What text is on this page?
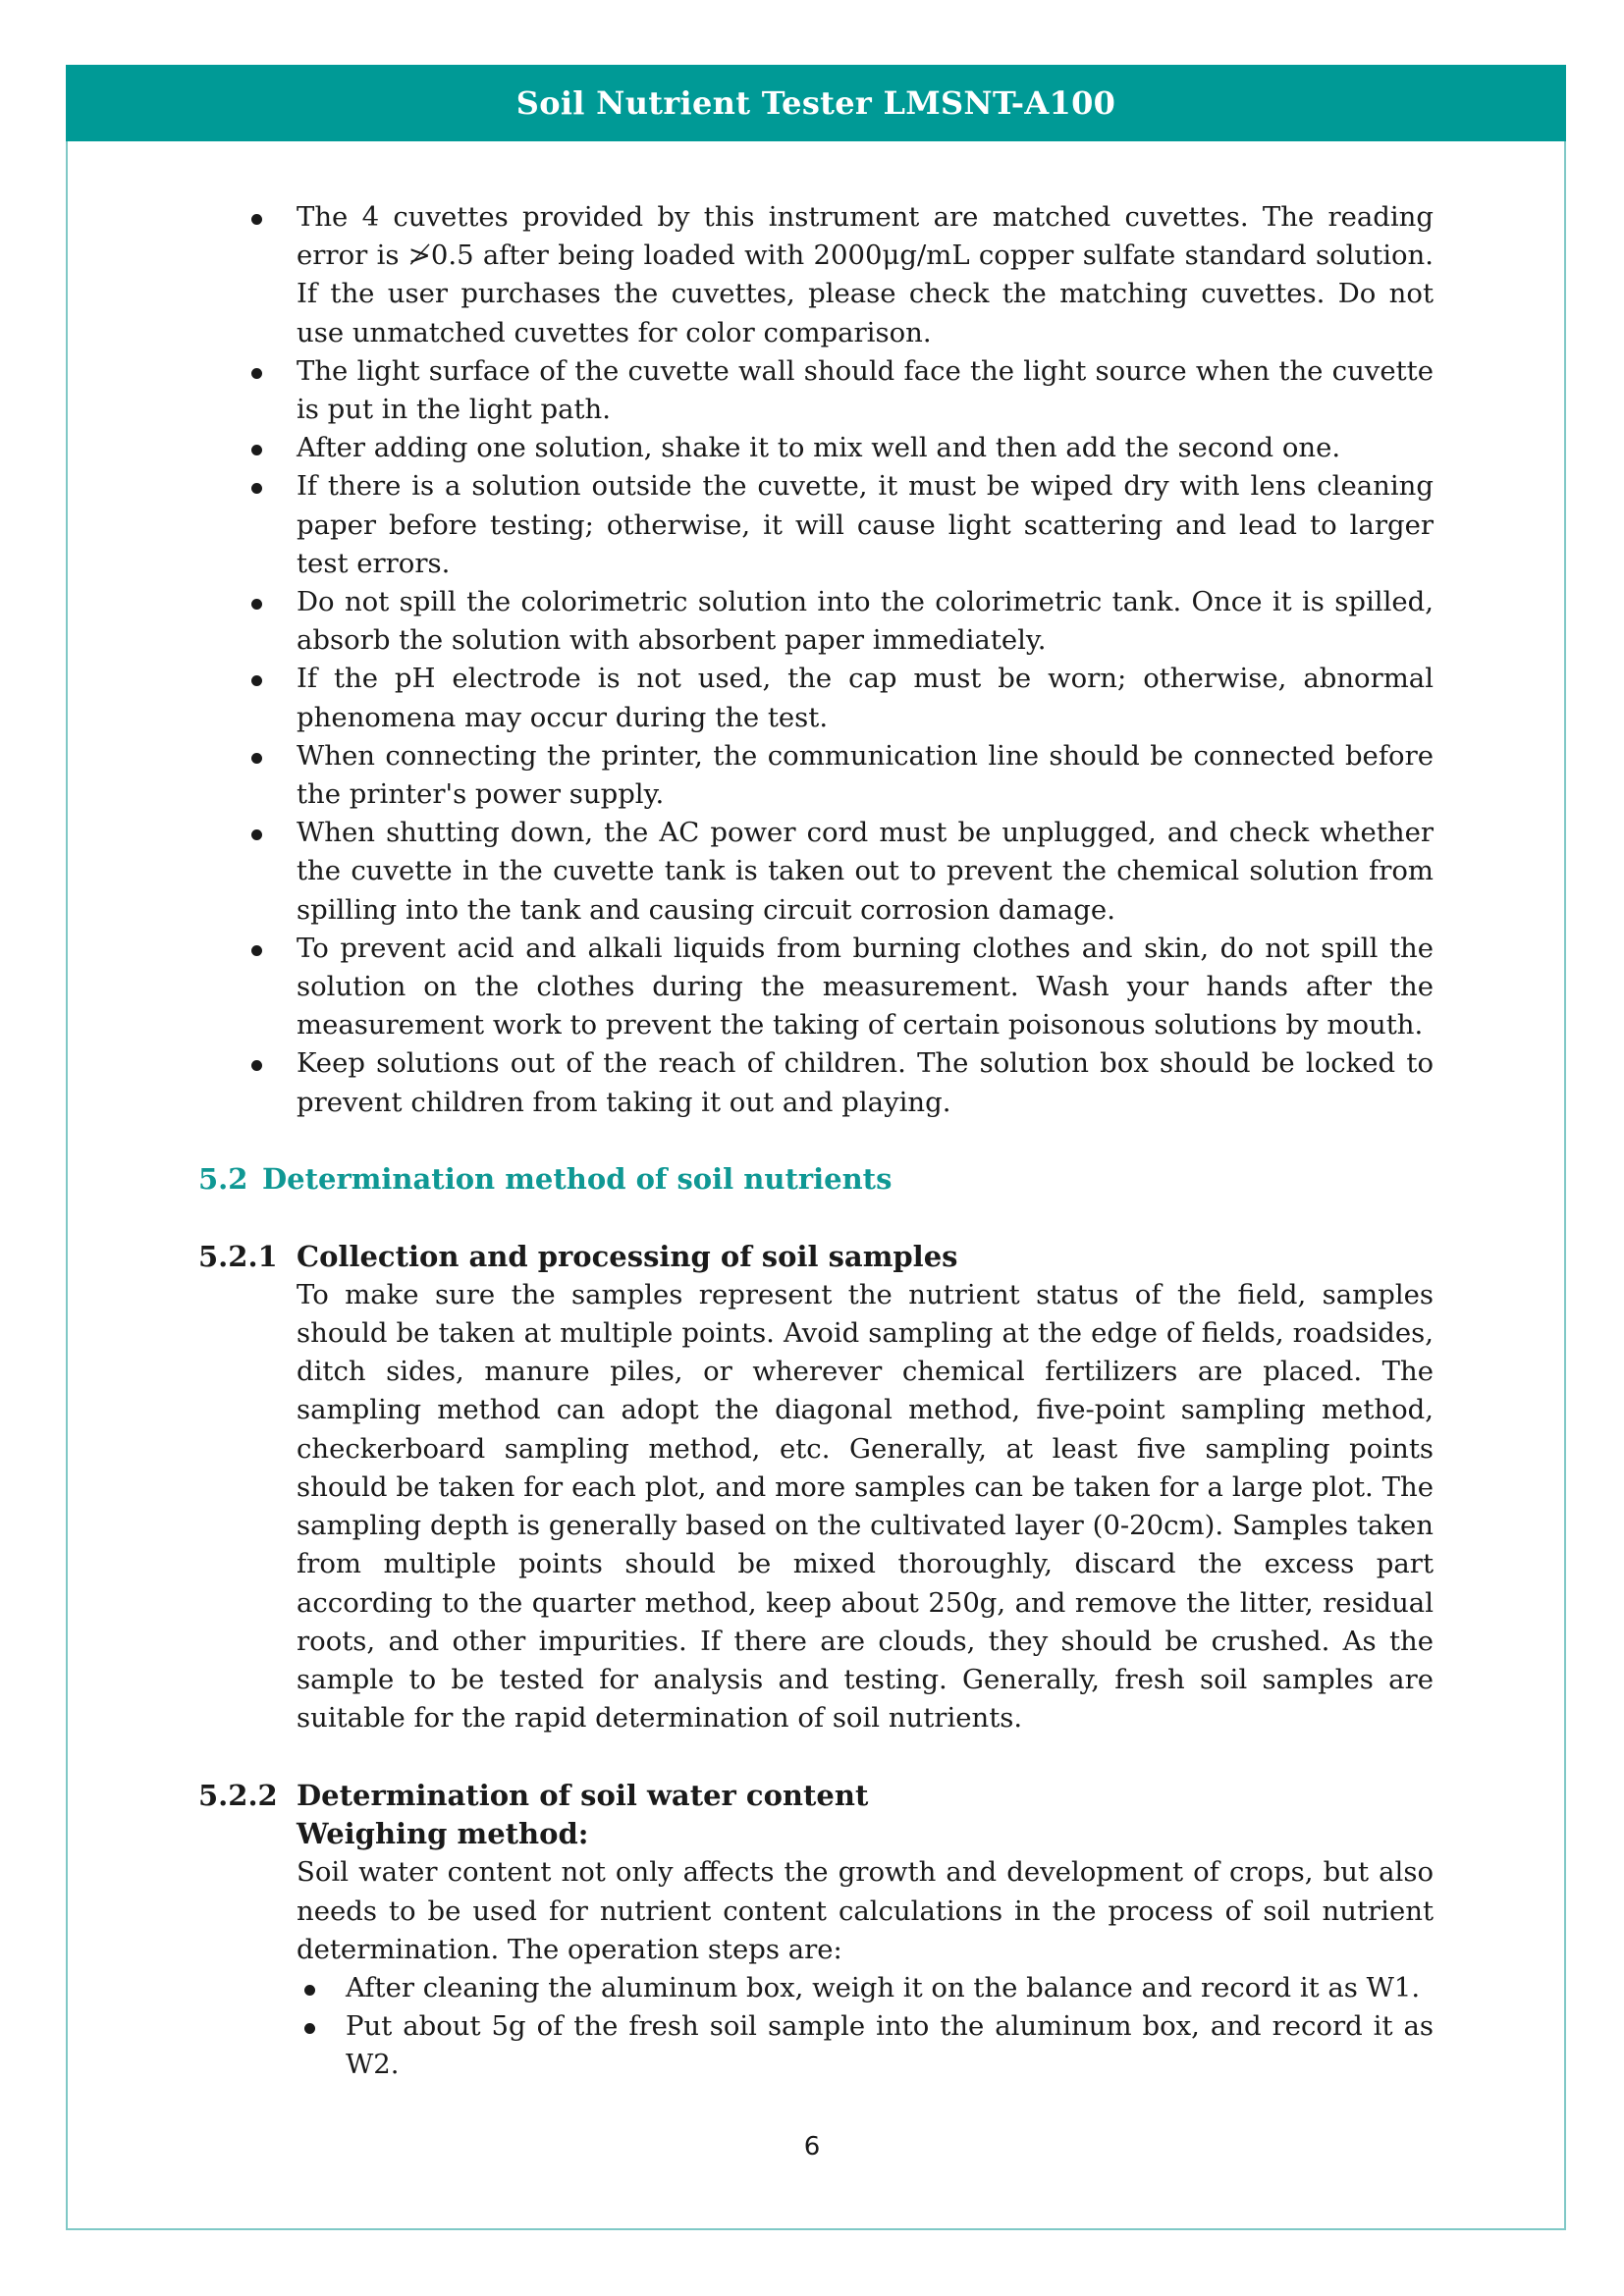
Soil Nutrient Tester LMSNT-A100
The 4 cuvettes provided by this instrument are matched cuvettes. The reading error is ≯0.5 after being loaded with 2000μg/mL copper sulfate standard solution. If the user purchases the cuvettes, please check the matching cuvettes. Do not use unmatched cuvettes for color comparison.
The light surface of the cuvette wall should face the light source when the cuvette is put in the light path.
After adding one solution, shake it to mix well and then add the second one.
If there is a solution outside the cuvette, it must be wiped dry with lens cleaning paper before testing; otherwise, it will cause light scattering and lead to larger test errors.
Do not spill the colorimetric solution into the colorimetric tank. Once it is spilled, absorb the solution with absorbent paper immediately.
If the pH electrode is not used, the cap must be worn; otherwise, abnormal phenomena may occur during the test.
When connecting the printer, the communication line should be connected before the printer's power supply.
When shutting down, the AC power cord must be unplugged, and check whether the cuvette in the cuvette tank is taken out to prevent the chemical solution from spilling into the tank and causing circuit corrosion damage.
To prevent acid and alkali liquids from burning clothes and skin, do not spill the solution on the clothes during the measurement. Wash your hands after the measurement work to prevent the taking of certain poisonous solutions by mouth.
Keep solutions out of the reach of children. The solution box should be locked to prevent children from taking it out and playing.
5.2 Determination method of soil nutrients
5.2.1 Collection and processing of soil samples
To make sure the samples represent the nutrient status of the field, samples should be taken at multiple points. Avoid sampling at the edge of fields, roadsides, ditch sides, manure piles, or wherever chemical fertilizers are placed. The sampling method can adopt the diagonal method, five-point sampling method, checkerboard sampling method, etc. Generally, at least five sampling points should be taken for each plot, and more samples can be taken for a large plot. The sampling depth is generally based on the cultivated layer (0-20cm). Samples taken from multiple points should be mixed thoroughly, discard the excess part according to the quarter method, keep about 250g, and remove the litter, residual roots, and other impurities. If there are clouds, they should be crushed. As the sample to be tested for analysis and testing. Generally, fresh soil samples are suitable for the rapid determination of soil nutrients.
5.2.2 Determination of soil water content
Weighing method:
Soil water content not only affects the growth and development of crops, but also needs to be used for nutrient content calculations in the process of soil nutrient determination. The operation steps are:
After cleaning the aluminum box, weigh it on the balance and record it as W1.
Put about 5g of the fresh soil sample into the aluminum box, and record it as W2.
6
